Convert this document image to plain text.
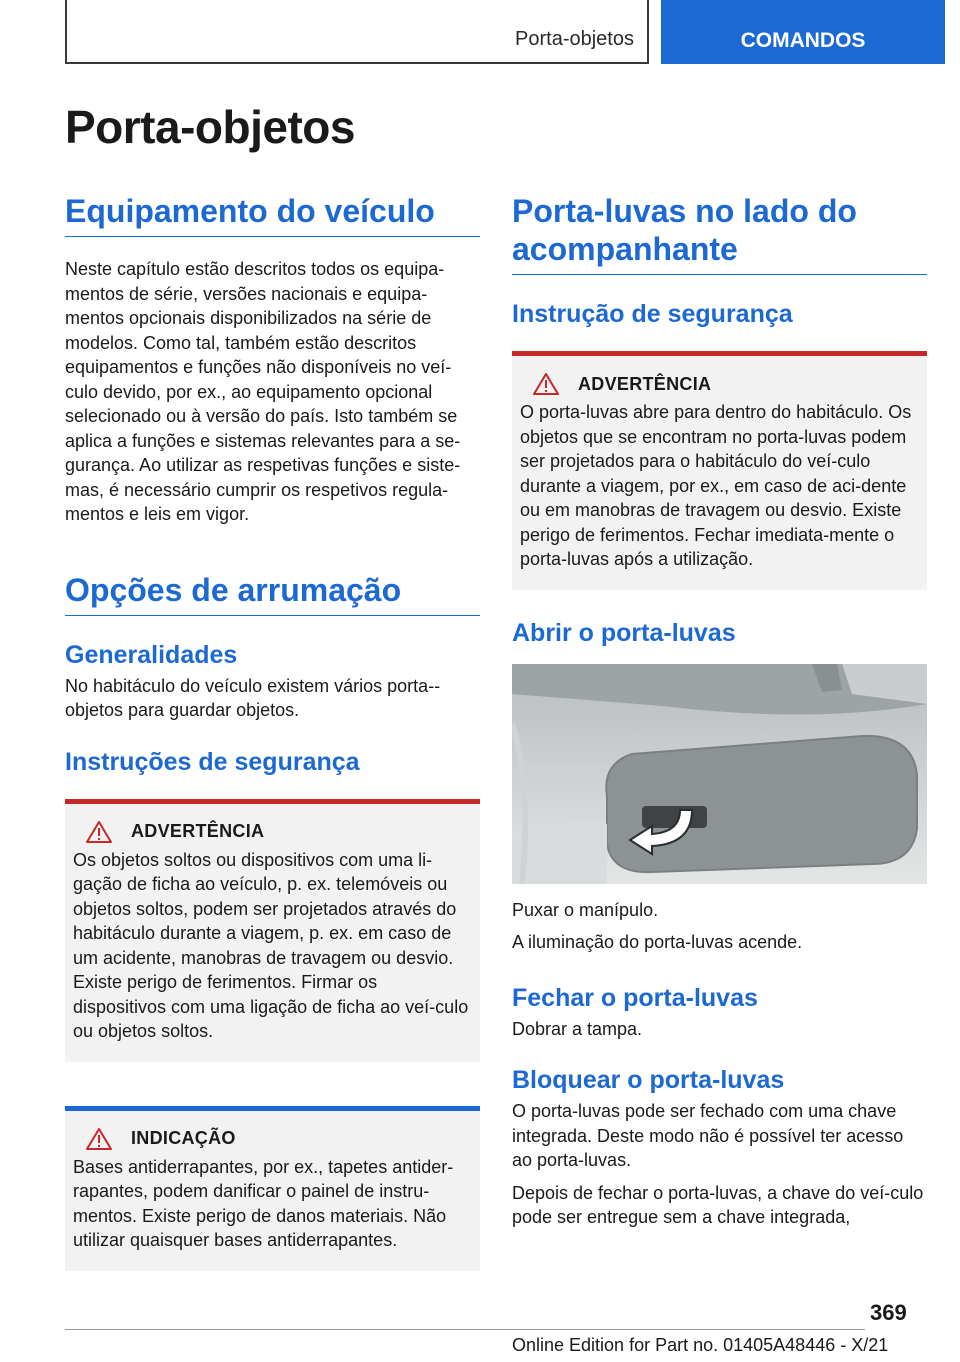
Porta-objetos	COMANDOS
Porta-objetos
Equipamento do veículo

Neste capítulo estão descritos todos os equipa-mentos de série, versões nacionais e equipa-mentos opcionais disponibilizados na série de modelos. Como tal, também estão descritos equipamentos e funções não disponíveis no veí-culo devido, por ex., ao equipamento opcional selecionado ou à versão do país. Isto também se aplica a funções e sistemas relevantes para a se-gurança. Ao utilizar as respetivas funções e siste-mas, é necessário cumprir os respetivos regula-mentos e leis em vigor.

Opções de arrumação
Generalidades

No habitáculo do veículo existem vários porta--objetos para guardar objetos.

Instruções de segurança
ADVERTÊNCIA

Os objetos soltos ou dispositivos com uma li-gação de ficha ao veículo, p. ex. telemóveis ou objetos soltos, podem ser projetados através do habitáculo durante a viagem, p. ex. em caso de um acidente, manobras de travagem ou desvio. Existe perigo de ferimentos. Firmar os dispositivos com uma ligação de ficha ao veí-culo ou objetos soltos.

INDICAÇÃO

Bases antiderrapantes, por ex., tapetes antider-rapantes, podem danificar o painel de instru-mentos. Existe perigo de danos materiais. Não utilizar quaisquer bases antiderrapantes.

Porta-luvas no lado do acompanhante
Instrução de segurança
ADVERTÊNCIA

O porta-luvas abre para dentro do habitáculo. Os objetos que se encontram no porta-luvas podem ser projetados para o habitáculo do veí-culo durante a viagem, por ex., em caso de aci-dente ou em manobras de travagem ou desvio. Existe perigo de ferimentos. Fechar imediata-mente o porta-luvas após a utilização.

Abrir o porta-luvas

Puxar o manípulo.

A iluminação do porta-luvas acende.

Fechar o porta-luvas

Dobrar a tampa.

Bloquear o porta-luvas

O porta-luvas pode ser fechado com uma chave integrada. Deste modo não é possível ter acesso ao porta-luvas.

Depois de fechar o porta-luvas, a chave do veí-culo pode ser entregue sem a chave integrada,

369
Online Edition for Part no. 01405A48446 - X/21
